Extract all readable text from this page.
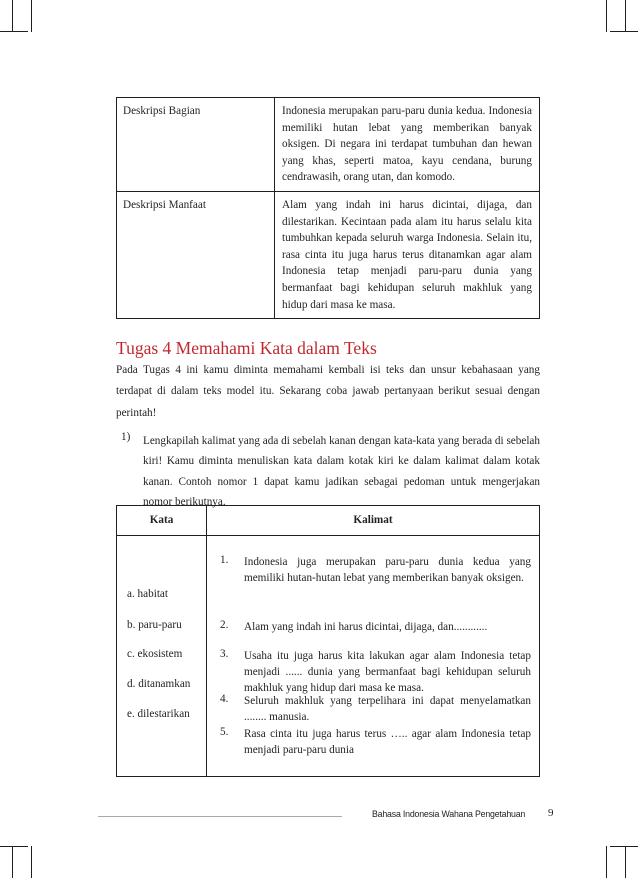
Deskripsi Bagian	Indonesia merupakan paru-paru dunia kedua. Indonesia memiliki hutan lebat yang memberikan banyak oksigen. Di negara ini terdapat tumbuhan dan hewan yang khas, seperti matoa, kayu cendana, burung cendrawasih, orang utan, dan komodo.
Deskripsi Manfaat	Alam yang indah ini harus dicintai, dijaga, dan dilestarikan. Kecintaan pada alam itu harus selalu kita tumbuhkan kepada seluruh warga Indonesia. Selain itu, rasa cinta itu juga harus terus ditanamkan agar alam Indonesia tetap menjadi paru-paru dunia yang bermanfaat bagi kehidupan seluruh makhluk yang hidup dari masa ke masa.
Tugas 4 Memahami Kata dalam Teks
Pada Tugas 4 ini kamu diminta memahami kembali isi teks dan unsur kebahasaan yang terdapat di dalam teks model itu. Sekarang coba jawab pertanyaan berikut sesuai dengan perintah!
1) Lengkapilah kalimat yang ada di sebelah kanan dengan kata-kata yang berada di sebelah kiri! Kamu diminta menuliskan kata dalam kotak kiri ke dalam kalimat dalam kotak kanan. Contoh nomor 1 dapat kamu jadikan sebagai pedoman untuk mengerjakan nomor berikutnya.
Kata	Kalimat

a. habitat
b. paru-paru
c. ekosistem
d. ditanamkan
e. dilestarikan
1. Indonesia juga merupakan paru-paru dunia kedua yang memiliki hutan-hutan lebat yang memberikan banyak oksigen.
2. Alam yang indah ini harus dicintai, dijaga, dan............
3. Usaha itu juga harus kita lakukan agar alam Indonesia tetap menjadi ...... dunia yang bermanfaat bagi kehidupan seluruh makhluk yang hidup dari masa ke masa.
4. Seluruh makhluk yang terpelihara ini dapat menyelamatkan ........ manusia.
5. Rasa cinta itu juga harus terus ….. agar alam Indonesia tetap menjadi paru-paru dunia
Bahasa Indonesia Wahana Pengetahuan 9
